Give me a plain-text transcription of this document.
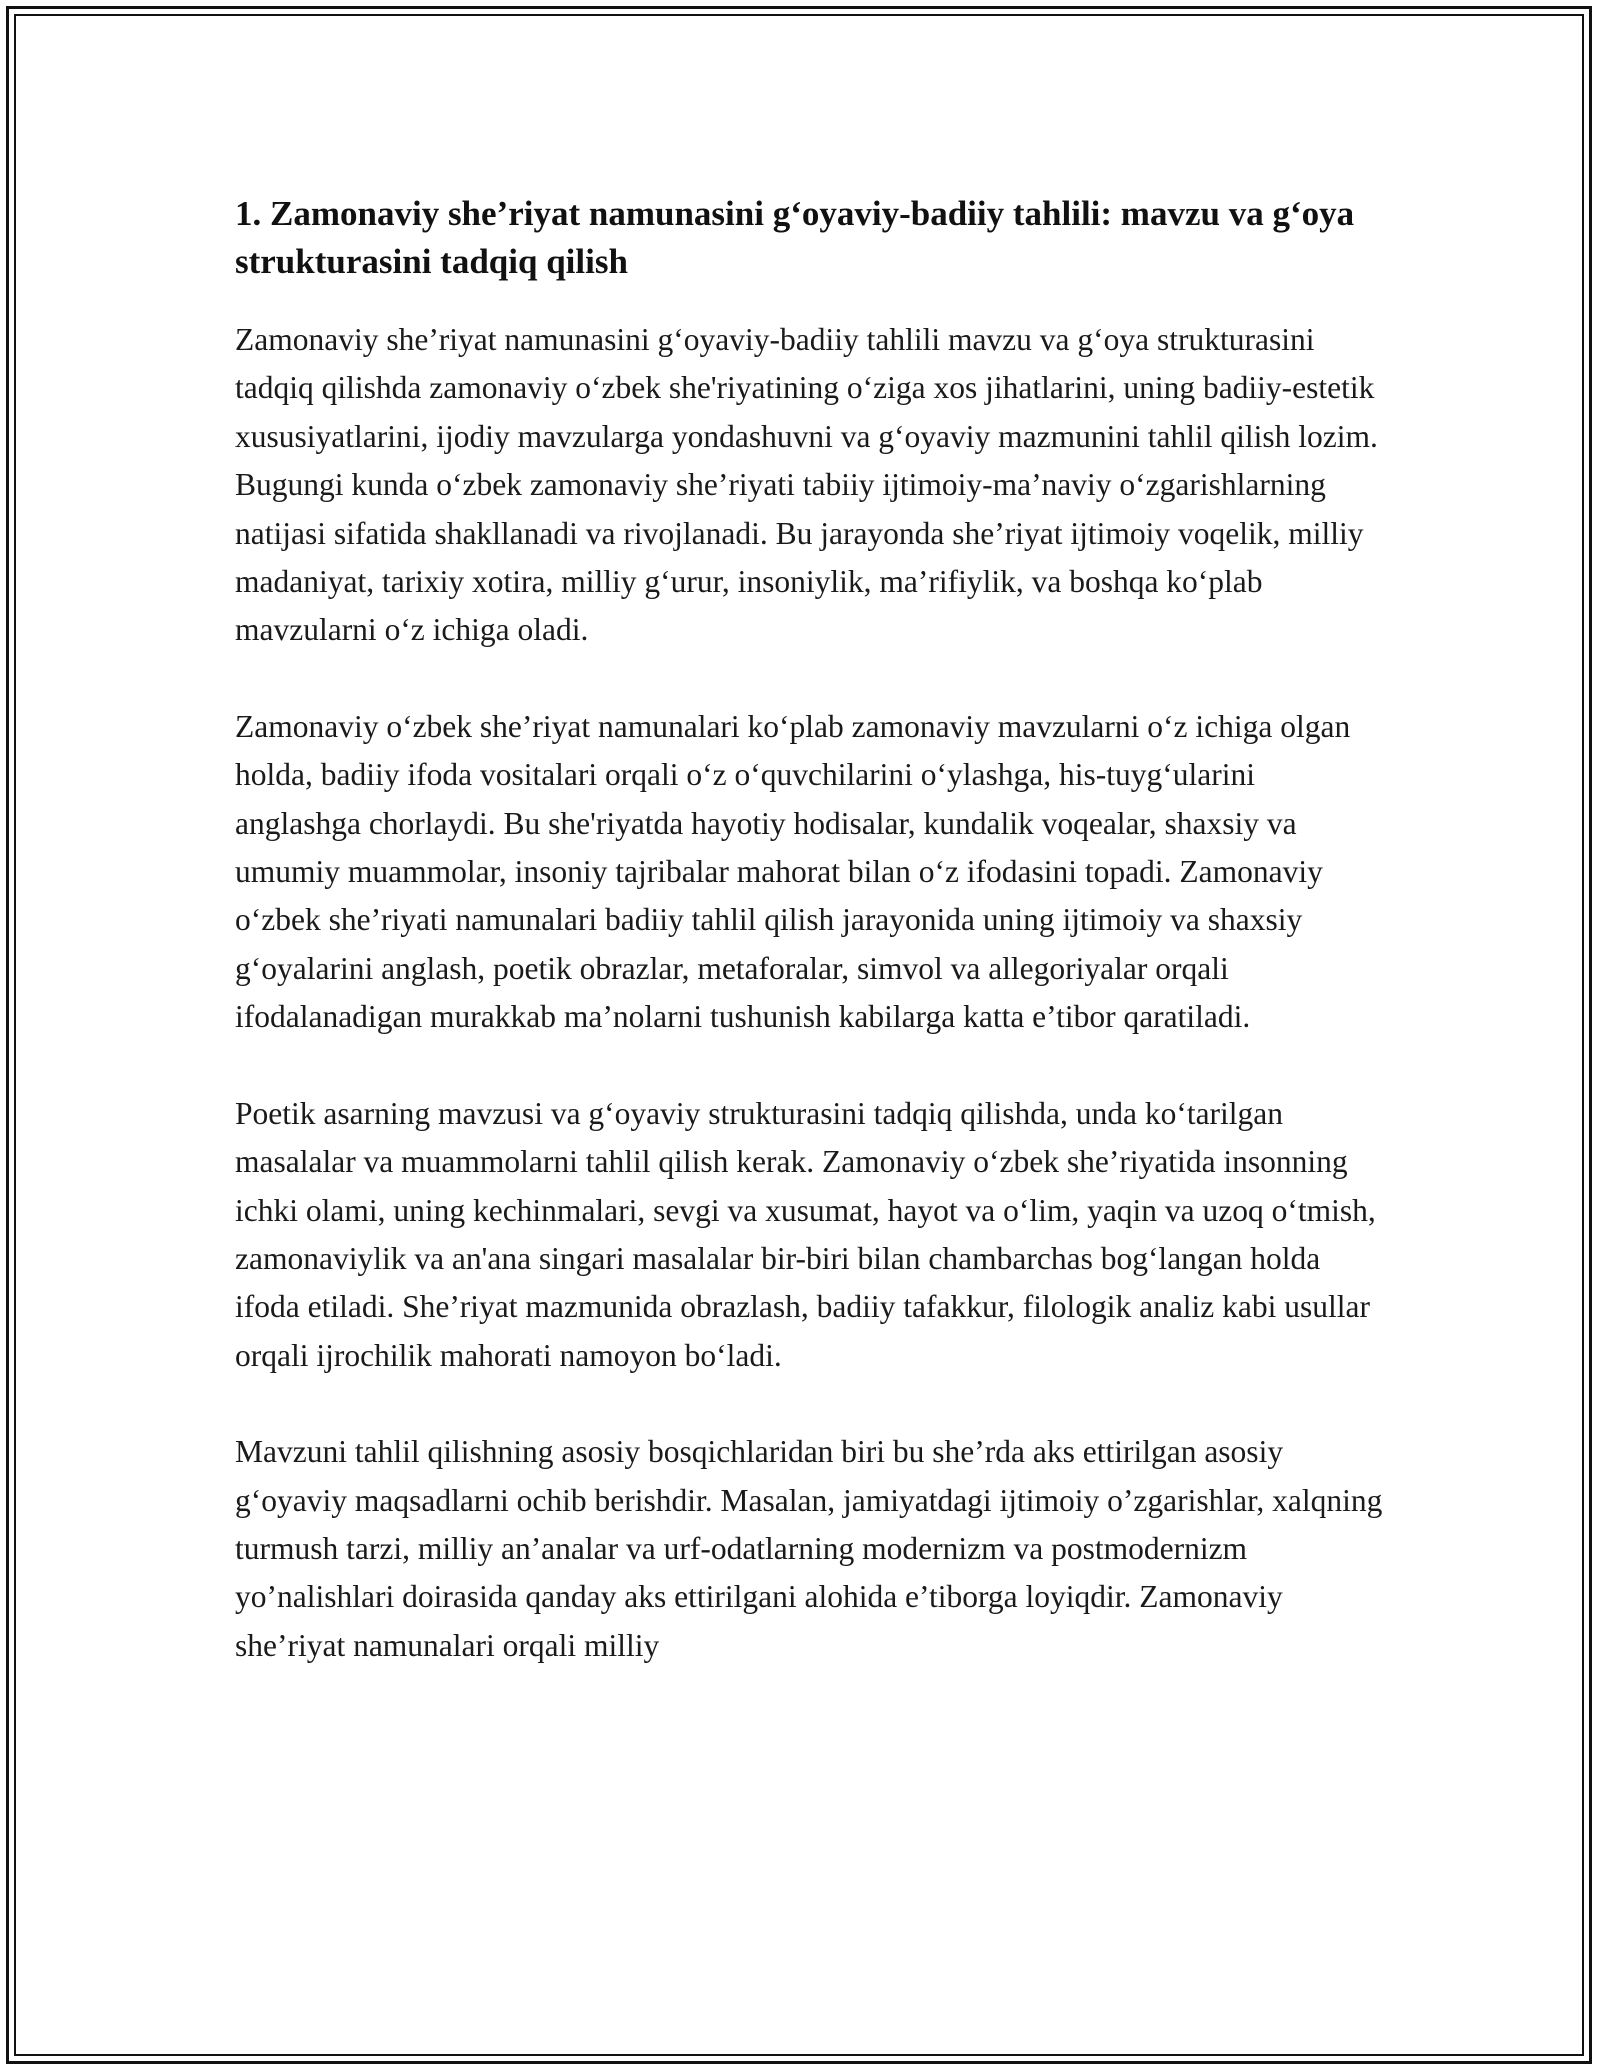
1. Zamonaviy she’riyat namunasini g‘oyaviy-badiiy tahlili: mavzu va g‘oya strukturasini tadqiq qilish

Zamonaviy she’riyat namunasini g‘oyaviy-badiiy tahlili mavzu va g‘oya strukturasini tadqiq qilishda zamonaviy o‘zbek she'riyatining o‘ziga xos jihatlarini, uning badiiy-estetik xususiyatlarini, ijodiy mavzularga yondashuvni va g‘oyaviy mazmunini tahlil qilish lozim. Bugungi kunda o‘zbek zamonaviy she’riyati tabiiy ijtimoiy-ma’naviy o‘zgarishlarning natijasi sifatida shakllanadi va rivojlanadi. Bu jarayonda she’riyat ijtimoiy voqelik, milliy madaniyat, tarixiy xotira, milliy g‘urur, insoniylik, ma’rifiylik, va boshqa ko‘plab mavzularni o‘z ichiga oladi.

Zamonaviy o‘zbek she’riyat namunalari ko‘plab zamonaviy mavzularni o‘z ichiga olgan holda, badiiy ifoda vositalari orqali o‘z o‘quvchilarini o‘ylashga, his-tuyg‘ularini anglashga chorlaydi. Bu she'riyatda hayotiy hodisalar, kundalik voqealar, shaxsiy va umumiy muammolar, insoniy tajribalar mahorat bilan o‘z ifodasini topadi. Zamonaviy o‘zbek she’riyati namunalari badiiy tahlil qilish jarayonida uning ijtimoiy va shaxsiy g‘oyalarini anglash, poetik obrazlar, metaforalar, simvol va allegoriyalar orqali ifodalanadigan murakkab ma’nolarni tushunish kabilarga katta e’tibor qaratiladi.

Poetik asarning mavzusi va g‘oyaviy strukturasini tadqiq qilishda, unda ko‘tarilgan masalalar va muammolarni tahlil qilish kerak. Zamonaviy o‘zbek she’riyatida insonning ichki olami, uning kechinmalari, sevgi va xusumat, hayot va o‘lim, yaqin va uzoq o‘tmish, zamonaviylik va an'ana singari masalalar bir-biri bilan chambarchas bog‘langan holda ifoda etiladi. She’riyat mazmunida obrazlash, badiiy tafakkur, filologik analiz kabi usullar orqali ijrochilik mahorati namoyon bo‘ladi.

Mavzuni tahlil qilishning asosiy bosqichlaridan biri bu she’rda aks ettirilgan asosiy g‘oyaviy maqsadlarni ochib berishdir. Masalan, jamiyatdagi ijtimoiy o’zgarishlar, xalqning turmush tarzi, milliy an’analar va urf-odatlarning modernizm va postmodernizm yo’nalishlari doirasida qanday aks ettirilgani alohida e’tiborga loyiqdir. Zamonaviy she’riyat namunalari orqali milliy
